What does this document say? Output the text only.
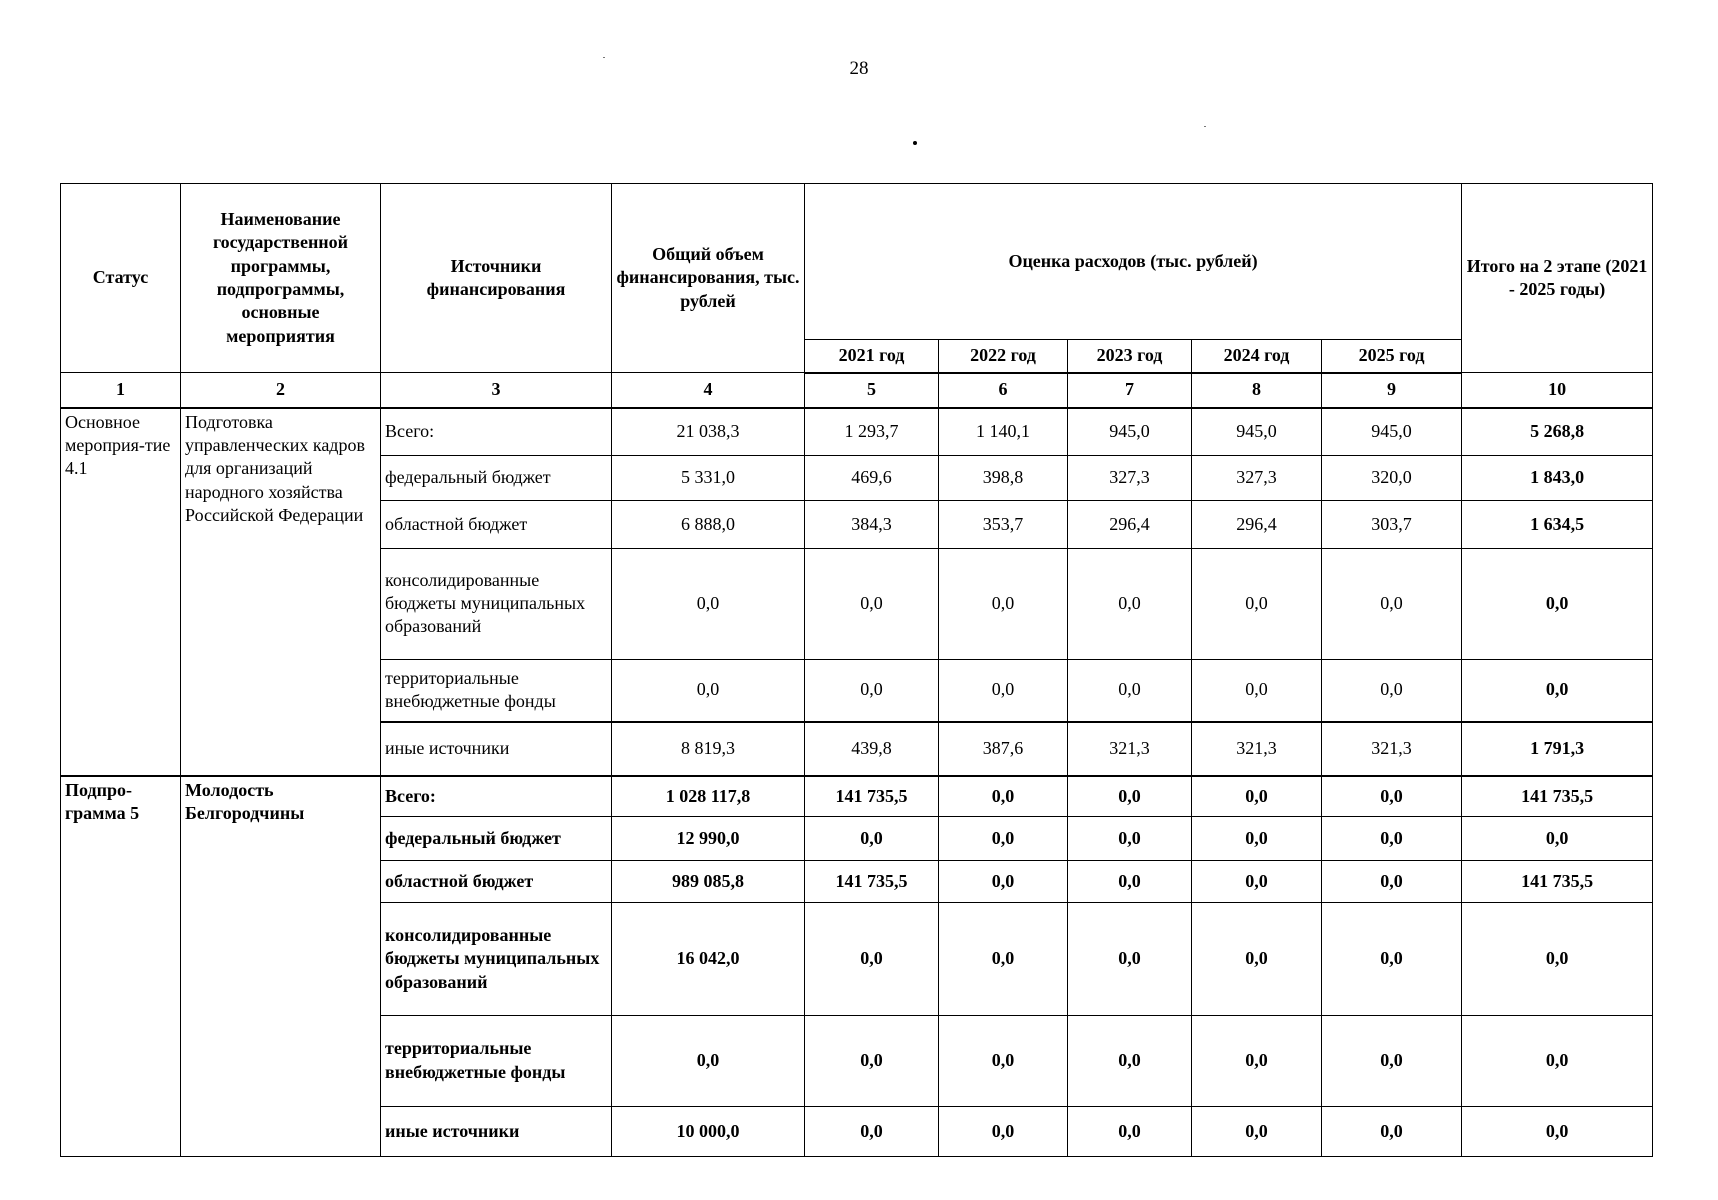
28
Статус	Наименование государственной программы, подпрограммы, основные мероприятия	Источники финансирования	Общий объем финансирования, тыс. рублей	Оценка расходов (тыс. рублей)					Итого на 2 этапе (2021 - 2025 годы)
				2021 год	2022 год	2023 год	2024 год	2025 год	
1	2	3	4	5	6	7	8	9	10
Основное мероприя-тие 4.1	Подготовка управленческих кадров для организаций народного хозяйства Российской Федерации	Всего:	21 038,3	1 293,7	1 140,1	945,0	945,0	945,0	5 268,8
		федеральный бюджет	5 331,0	469,6	398,8	327,3	327,3	320,0	1 843,0
		областной бюджет	6 888,0	384,3	353,7	296,4	296,4	303,7	1 634,5
		консолидированные бюджеты муниципальных образований	0,0	0,0	0,0	0,0	0,0	0,0	0,0
		территориальные внебюджетные фонды	0,0	0,0	0,0	0,0	0,0	0,0	0,0
		иные источники	8 819,3	439,8	387,6	321,3	321,3	321,3	1 791,3
Подпро-грамма 5	Молодость Белгородчины	Всего:	1 028 117,8	141 735,5	0,0	0,0	0,0	0,0	141 735,5
		федеральный бюджет	12 990,0	0,0	0,0	0,0	0,0	0,0	0,0
		областной бюджет	989 085,8	141 735,5	0,0	0,0	0,0	0,0	141 735,5
		консолидированные бюджеты муниципальных образований	16 042,0	0,0	0,0	0,0	0,0	0,0	0,0
		территориальные внебюджетные фонды	0,0	0,0	0,0	0,0	0,0	0,0	0,0
		иные источники	10 000,0	0,0	0,0	0,0	0,0	0,0	0,0
